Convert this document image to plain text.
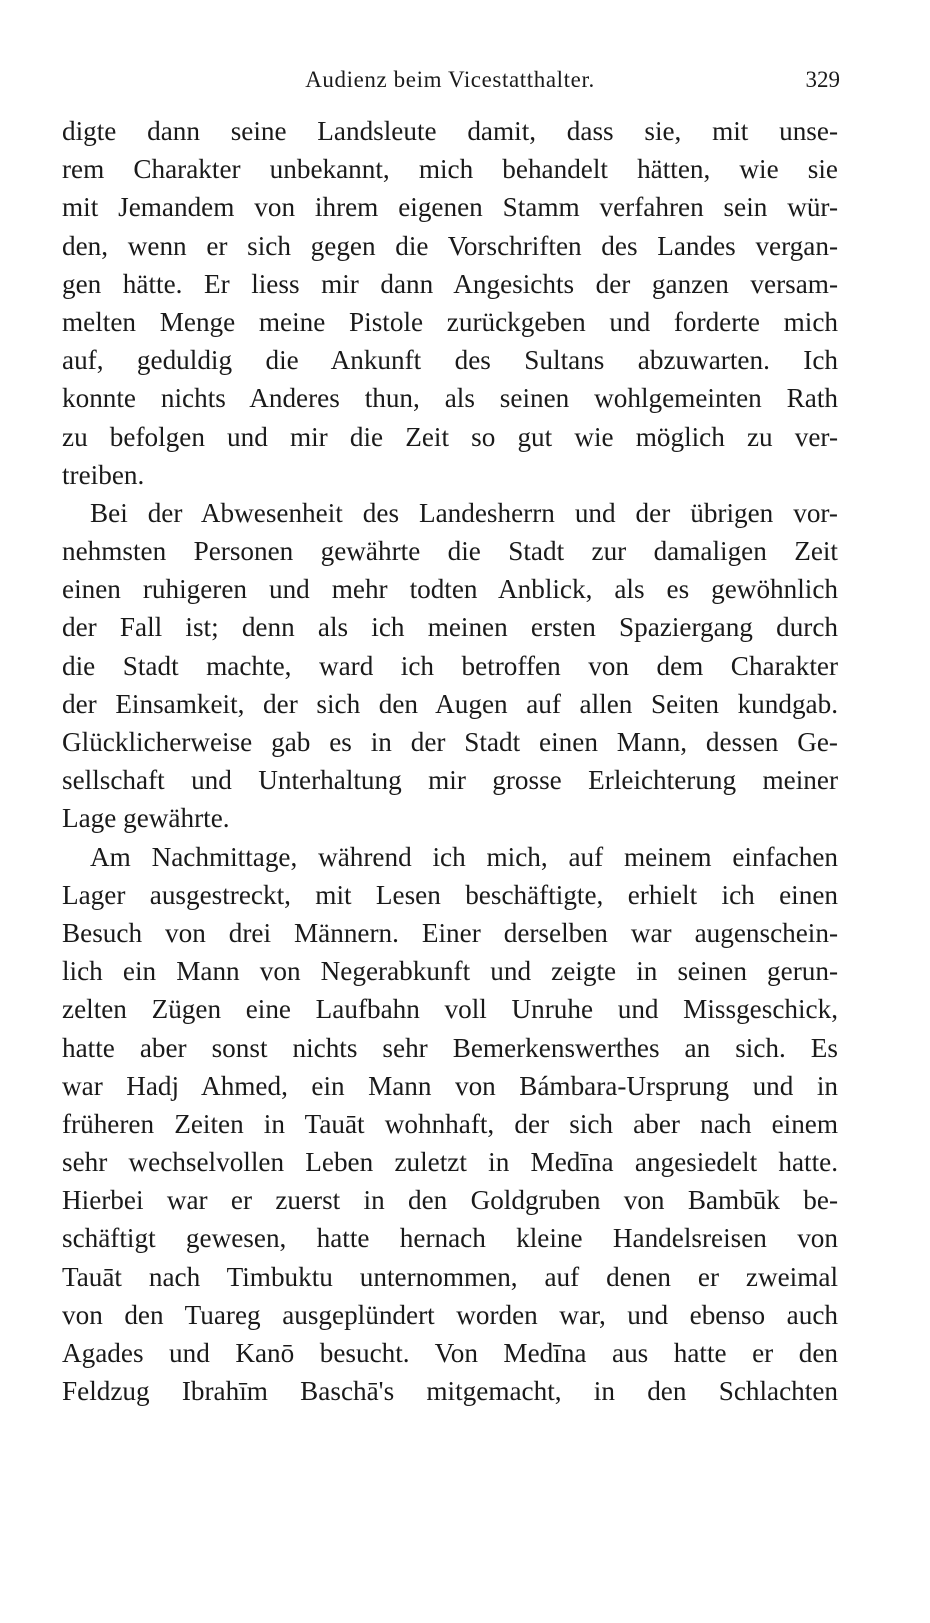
Audienz beim Vicestatthalter.	329
digte dann seine Landsleute damit, dass sie, mit unse-
rem Charakter unbekannt, mich behandelt hätten, wie sie
mit Jemandem von ihrem eigenen Stamm verfahren sein wür-
den, wenn er sich gegen die Vorschriften des Landes vergan-
gen hätte. Er liess mir dann Angesichts der ganzen versam-
melten Menge meine Pistole zurückgeben und forderte mich
auf, geduldig die Ankunft des Sultans abzuwarten. Ich
konnte nichts Anderes thun, als seinen wohlgemeinten Rath
zu befolgen und mir die Zeit so gut wie möglich zu ver-
treiben.
Bei der Abwesenheit des Landesherrn und der übrigen vor-
nehmsten Personen gewährte die Stadt zur damaligen Zeit
einen ruhigeren und mehr todten Anblick, als es gewöhnlich
der Fall ist; denn als ich meinen ersten Spaziergang durch
die Stadt machte, ward ich betroffen von dem Charakter
der Einsamkeit, der sich den Augen auf allen Seiten kundgab.
Glücklicherweise gab es in der Stadt einen Mann, dessen Ge-
sellschaft und Unterhaltung mir grosse Erleichterung meiner
Lage gewährte.
Am Nachmittage, während ich mich, auf meinem einfachen
Lager ausgestreckt, mit Lesen beschäftigte, erhielt ich einen
Besuch von drei Männern. Einer derselben war augenschein-
lich ein Mann von Negerabkunft und zeigte in seinen gerun-
zelten Zügen eine Laufbahn voll Unruhe und Missgeschick,
hatte aber sonst nichts sehr Bemerkenswerthes an sich. Es
war Hadj Ahmed, ein Mann von Bámbara-Ursprung und in
früheren Zeiten in Tauāt wohnhaft, der sich aber nach einem
sehr wechselvollen Leben zuletzt in Medīna angesiedelt hatte.
Hierbei war er zuerst in den Goldgruben von Bambūk be-
schäftigt gewesen, hatte hernach kleine Handelsreisen von
Tauāt nach Timbuktu unternommen, auf denen er zweimal
von den Tuareg ausgeplündert worden war, und ebenso auch
Agades und Kanō besucht. Von Medīna aus hatte er den
Feldzug Ibrahīm Baschā's mitgemacht, in den Schlachten
